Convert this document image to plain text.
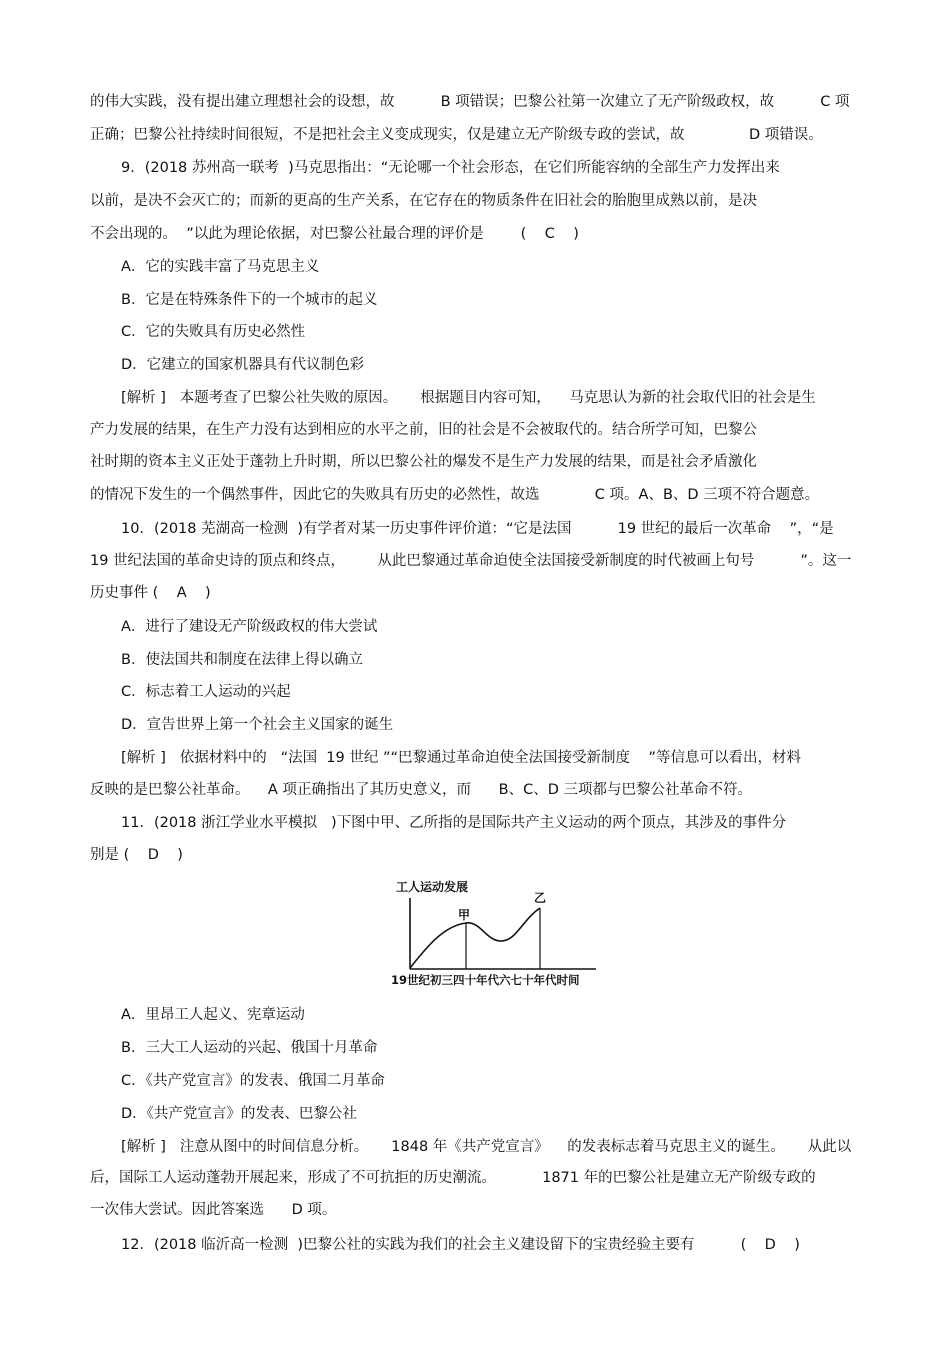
的伟大实践，没有提出建立理想社会的设想，故          B 项错误；巴黎公社第一次建立了无产阶级政权，故          C 项
正确；巴黎公社持续时间很短，不是把社会主义变成现实，仅是建立无产阶级专政的尝试，故              D 项错误。
9．(2018 苏州高一联考  )马克思指出：“无论哪一个社会形态，在它们所能容纳的全部生产力发挥出来
以前，是决不会灭亡的；而新的更高的生产关系，在它存在的物质条件在旧社会的胎胞里成熟以前，是决
不会出现的。  ”以此为理论依据，对巴黎公社最合理的评价是        (    C    )
A．它的实践丰富了马克思主义
B．它是在特殊条件下的一个城市的起义
C．它的失败具有历史必然性
D．它建立的国家机器具有代议制色彩
[解析 ]   本题考查了巴黎公社失败的原因。     根据题目内容可知，    马克思认为新的社会取代旧的社会是生
产力发展的结果，在生产力没有达到相应的水平之前，旧的社会是不会被取代的。结合所学可知，巴黎公
社时期的资本主义正处于蓬勃上升时期，所以巴黎公社的爆发不是生产力发展的结果，而是社会矛盾激化
的情况下发生的一个偶然事件，因此它的失败具有历史的必然性，故选            C 项。A、B、D 三项不符合题意。
10．(2018 芜湖高一检测  )有学者对某一历史事件评价道：“它是法国          19 世纪的最后一次革命    ”，“是
19 世纪法国的革命史诗的顶点和终点，       从此巴黎通过革命迫使全法国接受新制度的时代被画上句号          ”。这一
历史事件 (    A    )
A．进行了建设无产阶级政权的伟大尝试
B．使法国共和制度在法律上得以确立
C．标志着工人运动的兴起
D．宣告世界上第一个社会主义国家的诞生
[解析 ]   依据材料中的   “法国  19 世纪 ”“巴黎通过革命迫使全法国接受新制度    ”等信息可以看出，材料
反映的是巴黎公社革命。    A 项正确指出了其历史意义，而      B、C、D 三项都与巴黎公社革命不符。
11．(2018 浙江学业水平模拟   )下图中甲、乙所指的是国际共产主义运动的两个顶点，其涉及的事件分
别是 (    D    )
工人运动发展
甲
乙
19世纪初三四十年代六七十年代时间
A．里昂工人起义、宪章运动
B．三大工人运动的兴起、俄国十月革命
C．《共产党宣言》的发表、俄国二月革命
D．《共产党宣言》的发表、巴黎公社
[解析 ]   注意从图中的时间信息分析。     1848 年《共产党宣言》    的发表标志着马克思主义的诞生。     从此以
后，国际工人运动蓬勃开展起来，形成了不可抗拒的历史潮流。          1871 年的巴黎公社是建立无产阶级专政的
一次伟大尝试。因此答案选      D 项。
12．(2018 临沂高一检测  )巴黎公社的实践为我们的社会主义建设留下的宝贵经验主要有          (    D    )
